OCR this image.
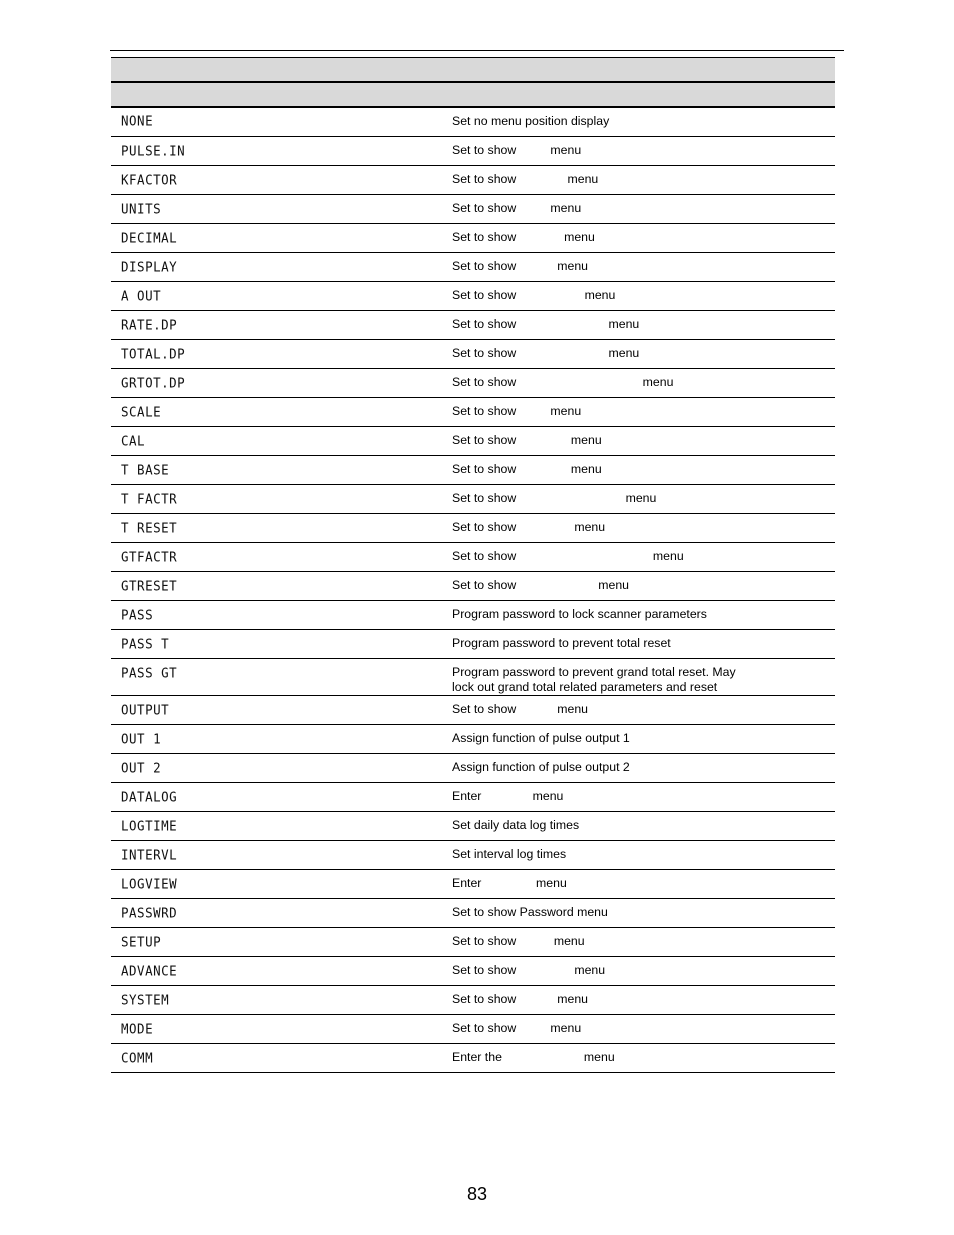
NONE	Set no menu position display

PULSE.IN	Set to show          menu

KFACTOR	Set to show               menu

UNITS	Set to show          menu

DECIMAL	Set to show              menu

DISPLAY	Set to show            menu

A OUT	Set to show                    menu

RATE.DP	Set to show                           menu

TOTAL.DP	Set to show                           menu

GRTOT.DP	Set to show                                     menu

SCALE	Set to show          menu

CAL	Set to show                menu

T BASE	Set to show                menu

T FACTR	Set to show                                menu

T RESET	Set to show                 menu

GTFACTR	Set to show                                        menu

GTRESET	Set to show                        menu

PASS	Program password to lock scanner parameters

PASS T	Program password to prevent total reset

PASS GT	Program password to prevent grand total reset. May
lock out grand total related parameters and reset

OUTPUT	Set to show            menu

OUT 1	Assign function of pulse output 1

OUT 2	Assign function of pulse output 2

DATALOG	Enter               menu

LOGTIME	Set daily data log times

INTERVL	Set interval log times

LOGVIEW	Enter                menu

PASSWRD	Set to show Password menu

SETUP	Set to show           menu

ADVANCE	Set to show                 menu

SYSTEM	Set to show            menu

MODE	Set to show          menu

COMM	Enter the                        menu
83
